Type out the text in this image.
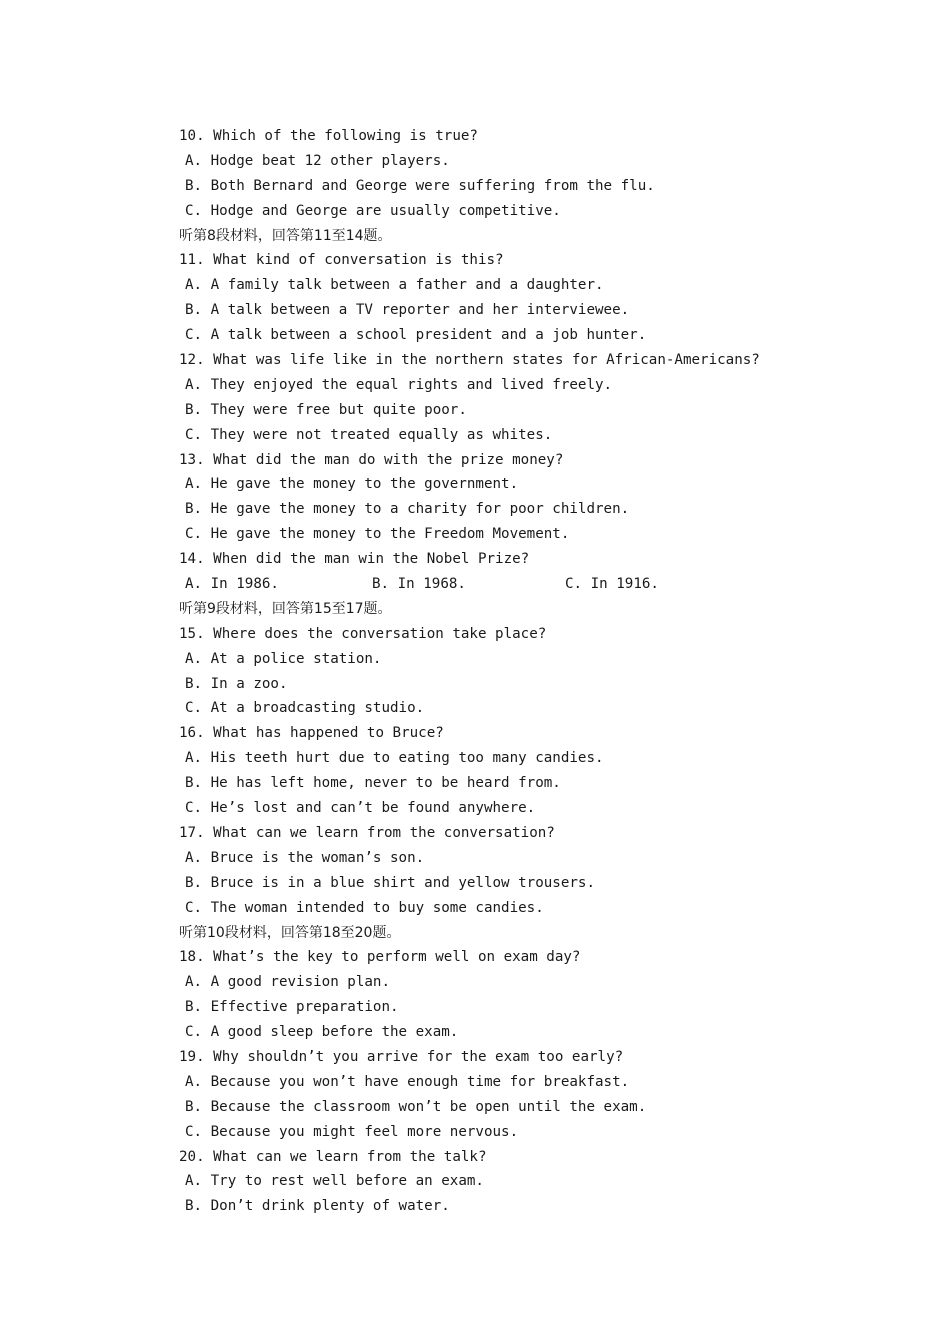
10. Which of the following is true?
A. Hodge beat 12 other players.
B. Both Bernard and George were suffering from the flu.
C. Hodge and George are usually competitive.
听第8段材料，回答第11至14题。
11. What kind of conversation is this?
A. A family talk between a father and a daughter.
B. A talk between a TV reporter and her interviewee.
C. A talk between a school president and a job hunter.
12. What was life like in the northern states for African-Americans?
A. They enjoyed the equal rights and lived freely.
B. They were free but quite poor.
C. They were not treated equally as whites.
13. What did the man do with the prize money?
A. He gave the money to the government.
B. He gave the money to a charity for poor children.
C. He gave the money to the Freedom Movement.
14. When did the man win the Nobel Prize?
A. In 1986.	B. In 1968.	C. In 1916.
听第9段材料，回答第15至17题。
15. Where does the conversation take place?
A. At a police station.
B. In a zoo.
C. At a broadcasting studio.
16. What has happened to Bruce?
A. His teeth hurt due to eating too many candies.
B. He has left home, never to be heard from.
C. He’s lost and can’t be found anywhere.
17. What can we learn from the conversation?
A. Bruce is the woman’s son.
B. Bruce is in a blue shirt and yellow trousers.
C. The woman intended to buy some candies.
听第10段材料，回答第18至20题。
18. What’s the key to perform well on exam day?
A. A good revision plan.
B. Effective preparation.
C. A good sleep before the exam.
19. Why shouldn’t you arrive for the exam too early?
A. Because you won’t have enough time for breakfast.
B. Because the classroom won’t be open until the exam.
C. Because you might feel more nervous.
20. What can we learn from the talk?
A. Try to rest well before an exam.
B. Don’t drink plenty of water.
